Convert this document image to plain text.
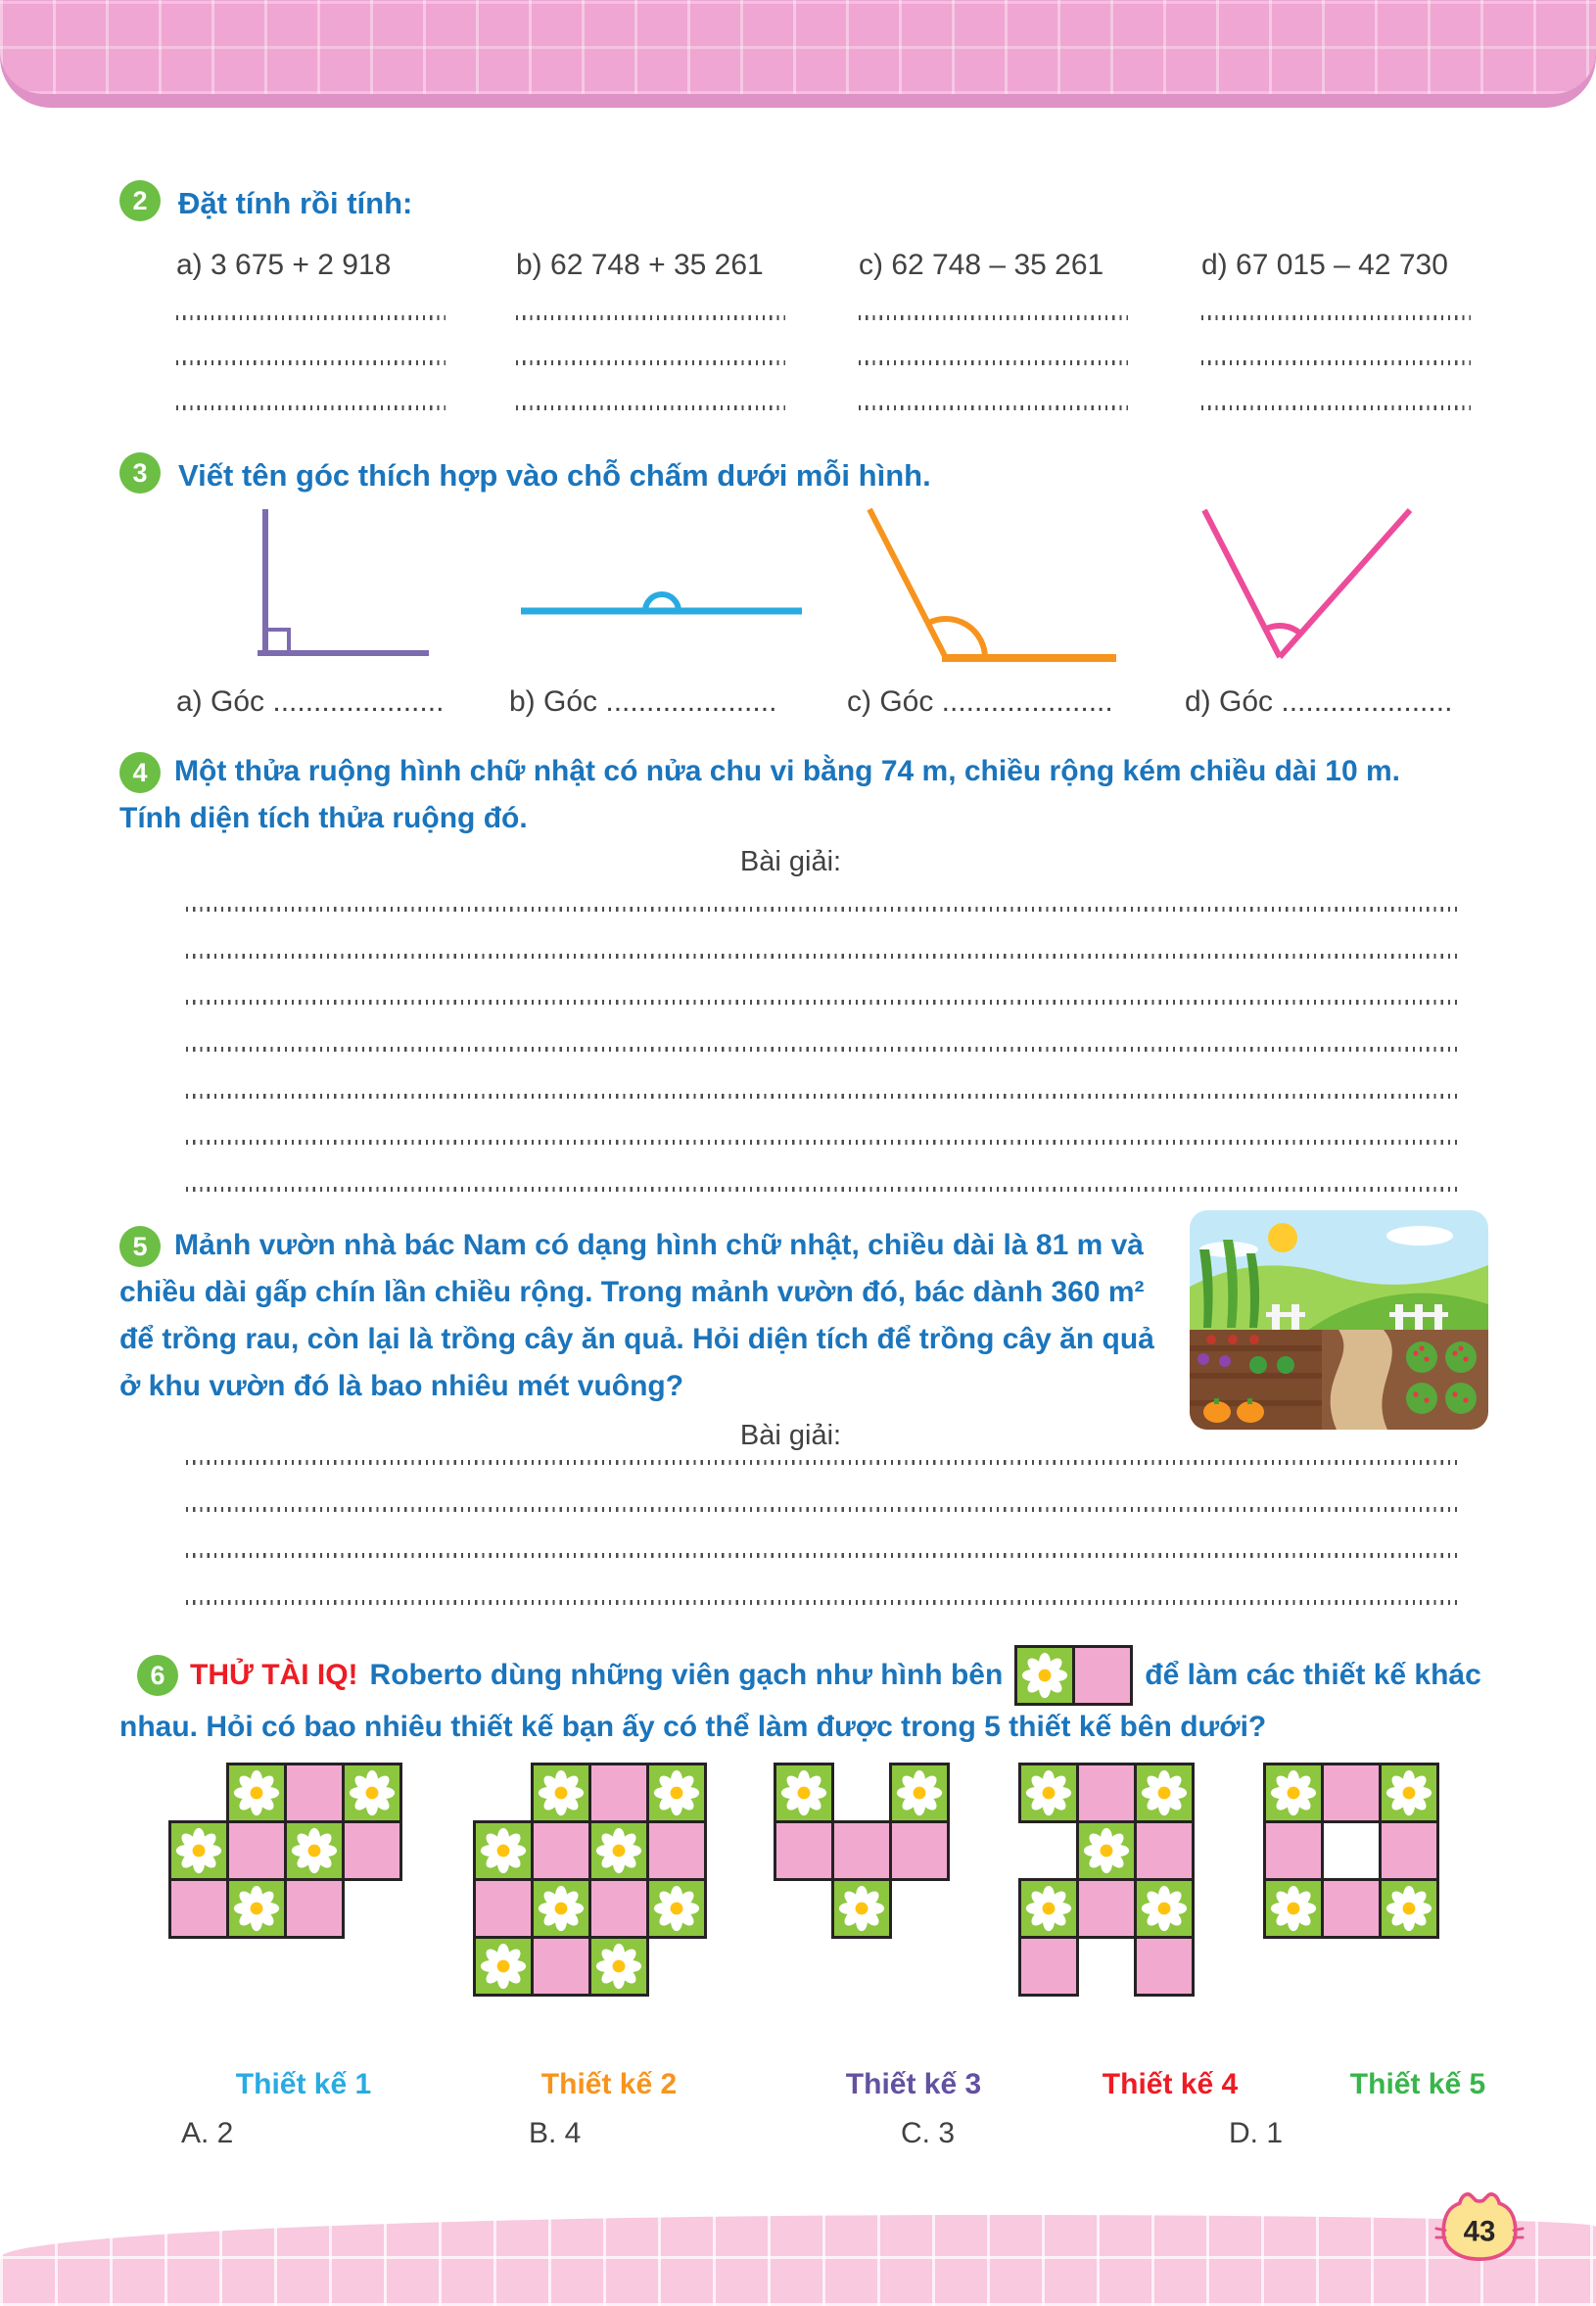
2	Đặt tính rồi tính:
a) 3 675 + 2 918	b) 62 748 + 35 261	c) 62 748 – 35 261	d) 67 015 – 42 730
3	Viết tên góc thích hợp vào chỗ chấm dưới mỗi hình.
a) Góc ..................... b) Góc ..................... c) Góc ..................... d) Góc .....................
4 Một thửa ruộng hình chữ nhật có nửa chu vi bằng 74 m, chiều rộng kém chiều dài 10 m. Tính diện tích thửa ruộng đó.
Bài giải:
5 Mảnh vườn nhà bác Nam có dạng hình chữ nhật, chiều dài là 81 m và chiều dài gấp chín lần chiều rộng. Trong mảnh vườn đó, bác dành 360 m² để trồng rau, còn lại là trồng cây ăn quả. Hỏi diện tích để trồng cây ăn quả ở khu vườn đó là bao nhiêu mét vuông?
Bài giải:
6 THỬ TÀI IQ! Roberto dùng những viên gạch như hình bên	để làm các thiết kế khác
nhau. Hỏi có bao nhiêu thiết kế bạn ấy có thể làm được trong 5 thiết kế bên dưới?
Thiết kế 1	Thiết kế 2	Thiết kế 3	Thiết kế 4	Thiết kế 5
A. 2	B. 4	C. 3	D. 1
43
